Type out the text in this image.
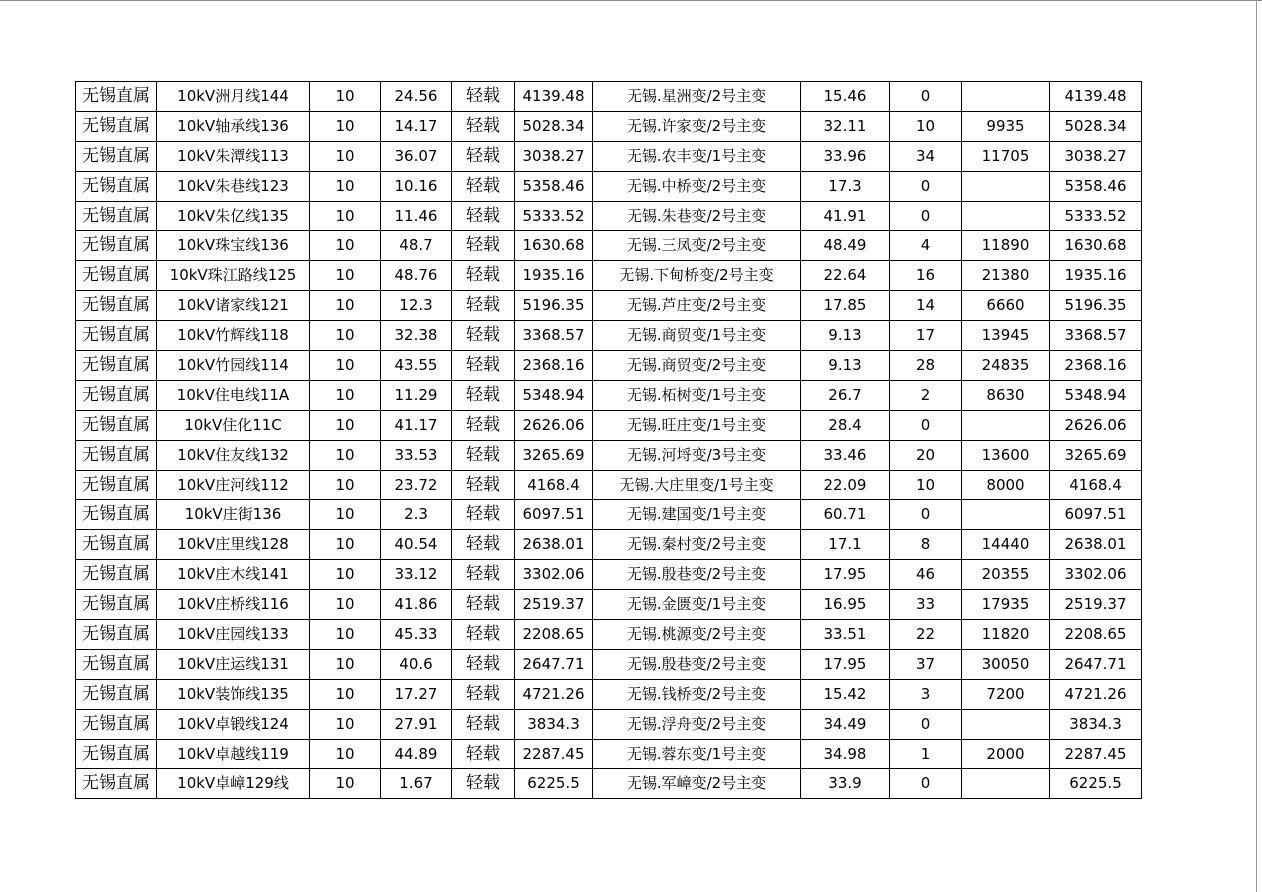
无锡直属	10kV洲月线144	10	24.56	轻载	4139.48	无锡.星洲变/2号主变	15.46	0		4139.48
无锡直属	10kV轴承线136	10	14.17	轻载	5028.34	无锡.许家变/2号主变	32.11	10	9935	5028.34
无锡直属	10kV朱潭线113	10	36.07	轻载	3038.27	无锡.农丰变/1号主变	33.96	34	11705	3038.27
无锡直属	10kV朱巷线123	10	10.16	轻载	5358.46	无锡.中桥变/2号主变	17.3	0		5358.46
无锡直属	10kV朱亿线135	10	11.46	轻载	5333.52	无锡.朱巷变/2号主变	41.91	0		5333.52
无锡直属	10kV珠宝线136	10	48.7	轻载	1630.68	无锡.三凤变/2号主变	48.49	4	11890	1630.68
无锡直属	10kV珠江路线125	10	48.76	轻载	1935.16	无锡.下甸桥变/2号主变	22.64	16	21380	1935.16
无锡直属	10kV诸家线121	10	12.3	轻载	5196.35	无锡.芦庄变/2号主变	17.85	14	6660	5196.35
无锡直属	10kV竹辉线118	10	32.38	轻载	3368.57	无锡.商贸变/1号主变	9.13	17	13945	3368.57
无锡直属	10kV竹园线114	10	43.55	轻载	2368.16	无锡.商贸变/2号主变	9.13	28	24835	2368.16
无锡直属	10kV住电线11A	10	11.29	轻载	5348.94	无锡.柘树变/1号主变	26.7	2	8630	5348.94
无锡直属	10kV住化11C	10	41.17	轻载	2626.06	无锡.旺庄变/1号主变	28.4	0		2626.06
无锡直属	10kV住友线132	10	33.53	轻载	3265.69	无锡.河埒变/3号主变	33.46	20	13600	3265.69
无锡直属	10kV庄河线112	10	23.72	轻载	4168.4	无锡.大庄里变/1号主变	22.09	10	8000	4168.4
无锡直属	10kV庄街136	10	2.3	轻载	6097.51	无锡.建国变/1号主变	60.71	0		6097.51
无锡直属	10kV庄里线128	10	40.54	轻载	2638.01	无锡.秦村变/2号主变	17.1	8	14440	2638.01
无锡直属	10kV庄木线141	10	33.12	轻载	3302.06	无锡.殷巷变/2号主变	17.95	46	20355	3302.06
无锡直属	10kV庄桥线116	10	41.86	轻载	2519.37	无锡.金匮变/1号主变	16.95	33	17935	2519.37
无锡直属	10kV庄园线133	10	45.33	轻载	2208.65	无锡.桃源变/2号主变	33.51	22	11820	2208.65
无锡直属	10kV庄运线131	10	40.6	轻载	2647.71	无锡.殷巷变/2号主变	17.95	37	30050	2647.71
无锡直属	10kV装饰线135	10	17.27	轻载	4721.26	无锡.钱桥变/2号主变	15.42	3	7200	4721.26
无锡直属	10kV卓锻线124	10	27.91	轻载	3834.3	无锡.浮舟变/2号主变	34.49	0		3834.3
无锡直属	10kV卓越线119	10	44.89	轻载	2287.45	无锡.蓉东变/1号主变	34.98	1	2000	2287.45
无锡直属	10kV卓嶂129线	10	1.67	轻载	6225.5	无锡.军嶂变/2号主变	33.9	0		6225.5
